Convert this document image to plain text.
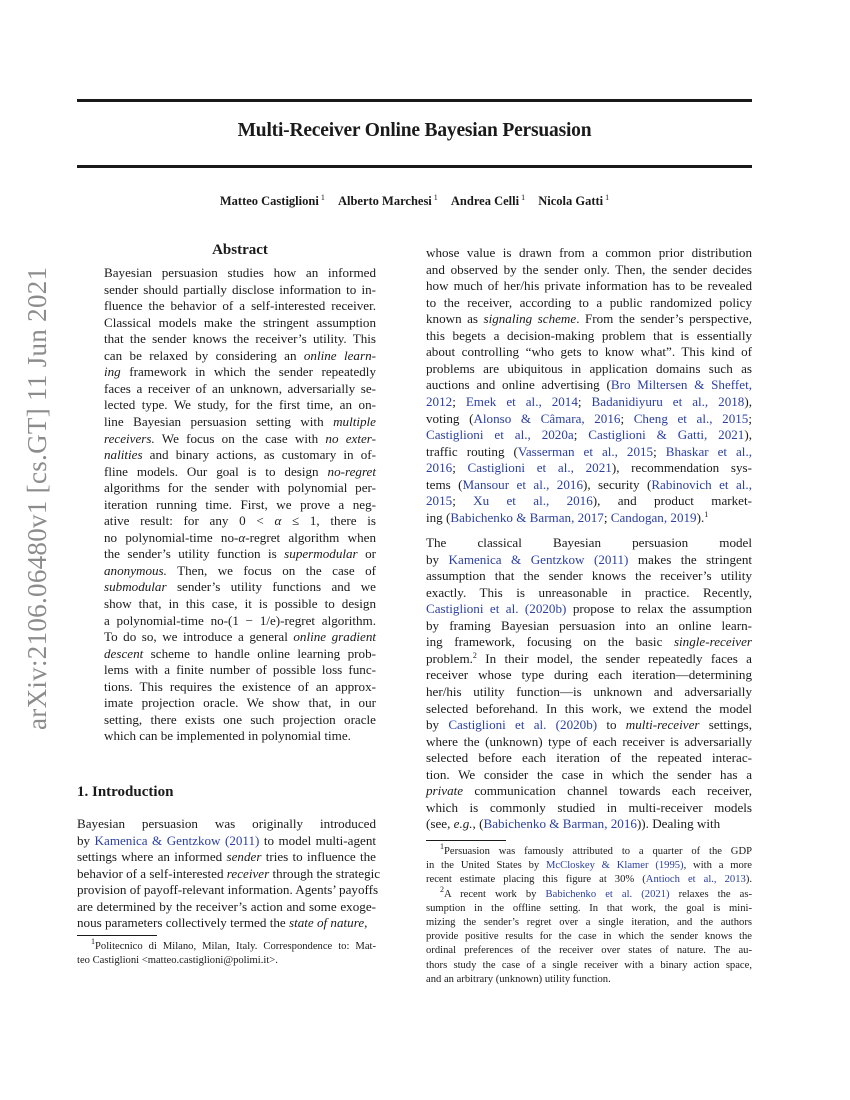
Multi-Receiver Online Bayesian Persuasion
Matteo Castiglioni $^1$ Alberto Marchesi $^1$ Andrea Celli $^1$ Nicola Gatti $^1$
arXiv:2106.06480v1 [cs.GT] 11 Jun 2021
Abstract
Bayesian persuasion studies how an informed
sender should partially disclose information to in-
fluence the behavior of a self-interested receiver.
Classical models make the stringent assumption
that the sender knows the receiver’s utility. This
can be relaxed by considering an online learn-
ing framework in which the sender repeatedly
faces a receiver of an unknown, adversarially se-
lected type. We study, for the first time, an on-
line Bayesian persuasion setting with multiple
receivers. We focus on the case with no exter-
nalities and binary actions, as customary in of-
fline models. Our goal is to design no-regret
algorithms for the sender with polynomial per-
iteration running time. First, we prove a neg-
ative result: for any 0 < α ≤ 1, there is
no polynomial-time no-α-regret algorithm when
the sender’s utility function is supermodular or
anonymous. Then, we focus on the case of
submodular sender’s utility functions and we
show that, in this case, it is possible to design
a polynomial-time no-(1 − 1/e)-regret algorithm.
To do so, we introduce a general online gradient
descent scheme to handle online learning prob-
lems with a finite number of possible loss func-
tions. This requires the existence of an approx-
imate projection oracle. We show that, in our
setting, there exists one such projection oracle
which can be implemented in polynomial time.
1. Introduction
Bayesian persuasion was originally introduced
by Kamenica & Gentzkow (2011) to model multi-agent
settings where an informed sender tries to influence the
behavior of a self-interested receiver through the strategic
provision of payoff-relevant information. Agents’ payoffs
are determined by the receiver’s action and some exoge-
nous parameters collectively termed the state of nature,
whose value is drawn from a common prior distribution
and observed by the sender only. Then, the sender decides
how much of her/his private information has to be revealed
to the receiver, according to a public randomized policy
known as signaling scheme. From the sender’s perspective,
this begets a decision-making problem that is essentially
about controlling “who gets to know what”. This kind of
problems are ubiquitous in application domains such as
auctions and online advertising (Bro Miltersen & Sheffet,
2012; Emek et al., 2014; Badanidiyuru et al., 2018),
voting (Alonso & Câmara, 2016; Cheng et al., 2015;
Castiglioni et al., 2020a; Castiglioni & Gatti, 2021),
traffic routing (Vasserman et al., 2015; Bhaskar et al.,
2016; Castiglioni et al., 2021), recommendation sys-
tems (Mansour et al., 2016), security (Rabinovich et al.,
2015; Xu et al., 2016), and product market-
ing (Babichenko & Barman, 2017; Candogan, 2019).$^1$
The classical Bayesian persuasion model
by Kamenica & Gentzkow (2011) makes the stringent
assumption that the sender knows the receiver’s utility
exactly. This is unreasonable in practice. Recently,
Castiglioni et al. (2020b) propose to relax the assumption
by framing Bayesian persuasion into an online learn-
ing framework, focusing on the basic single-receiver
problem.$^2$ In their model, the sender repeatedly faces a
receiver whose type during each iteration—determining
her/his utility function—is unknown and adversarially
selected beforehand. In this work, we extend the model
by Castiglioni et al. (2020b) to multi-receiver settings,
where the (unknown) type of each receiver is adversarially
selected before each iteration of the repeated interac-
tion. We consider the case in which the sender has a
private communication channel towards each receiver,
which is commonly studied in multi-receiver models
(see, e.g., (Babichenko & Barman, 2016)). Dealing with
$^1$Politecnico di Milano, Milan, Italy. Correspondence to: Mat-
teo Castiglioni <matteo.castiglioni@polimi.it>.
$^1$Persuasion was famously attributed to a quarter of the GDP
in the United States by McCloskey & Klamer (1995), with a more
recent estimate placing this figure at 30% (Antioch et al., 2013).
$^2$A recent work by Babichenko et al. (2021) relaxes the as-
sumption in the offline setting. In that work, the goal is mini-
mizing the sender’s regret over a single iteration, and the authors
provide positive results for the case in which the sender knows the
ordinal preferences of the receiver over states of nature. The au-
thors study the case of a single receiver with a binary action space,
and an arbitrary (unknown) utility function.
